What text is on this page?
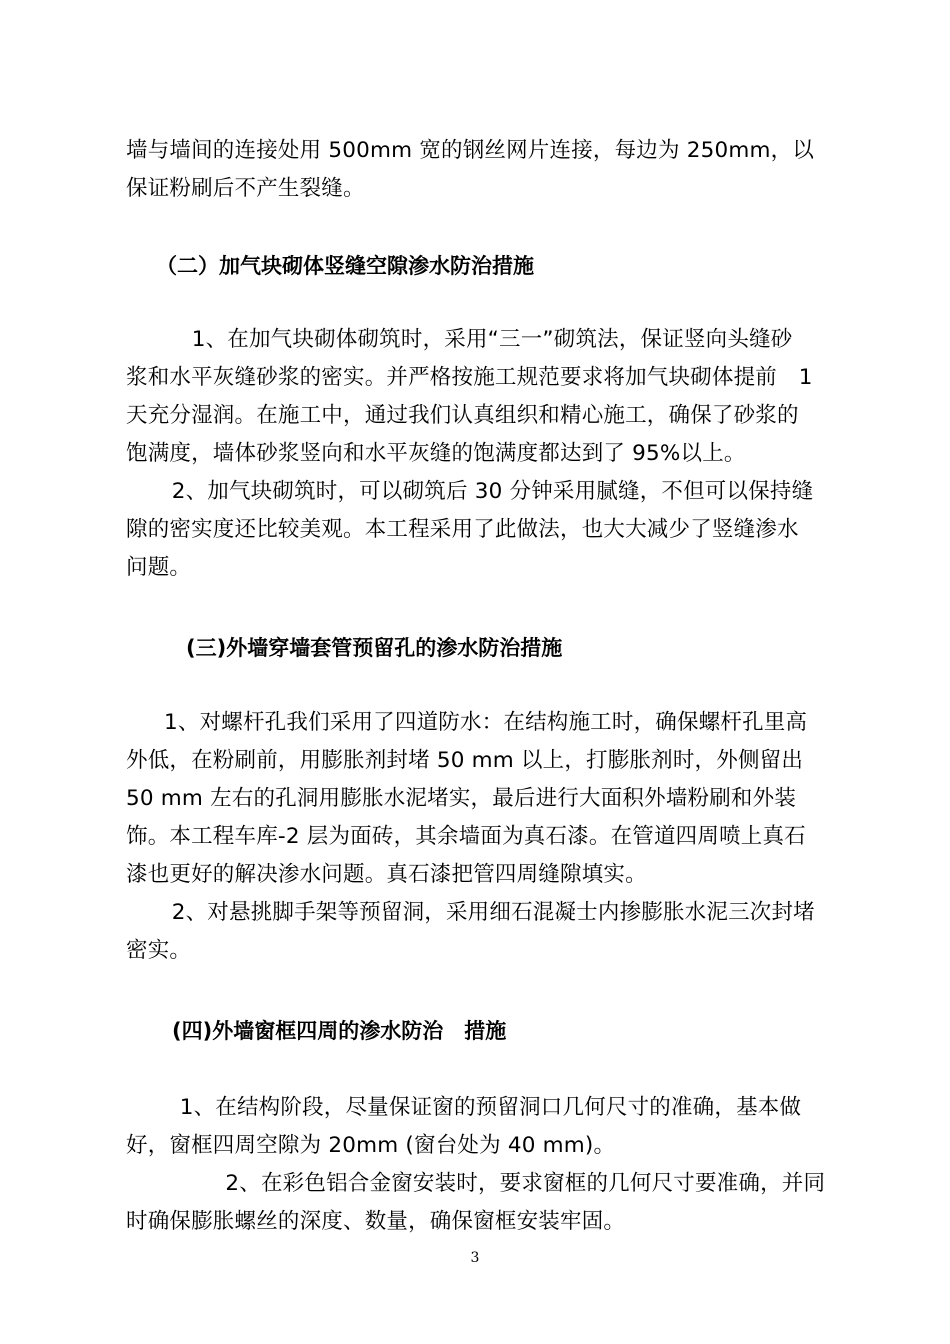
墙与墙间的连接处用 500mm 宽的钢丝网片连接，每边为 250mm，以
保证粉刷后不产生裂缝。

（二）加气块砌体竖缝空隙渗水防治措施

　1、在加气块砌体砌筑时，采用“三一”砌筑法，保证竖向头缝砂
浆和水平灰缝砂浆的密实。并严格按施工规范要求将加气块砌体提前　1
天充分湿润。在施工中，通过我们认真组织和精心施工，确保了砂浆的
饱满度，墙体砂浆竖向和水平灰缝的饱满度都达到了 95%以上。
　2、加气块砌筑时，可以砌筑后 30 分钟采用腻缝，不但可以保持缝
隙的密实度还比较美观。本工程采用了此做法，也大大减少了竖缝渗水
问题。

(三)外墙穿墙套管预留孔的渗水防治措施

1、对螺杆孔我们采用了四道防水：在结构施工时，确保螺杆孔里高
外低，在粉刷前，用膨胀剂封堵 50 mm 以上，打膨胀剂时，外侧留出
50 mm 左右的孔洞用膨胀水泥堵实，最后进行大面积外墙粉刷和外装
饰。本工程车库-2 层为面砖，其余墙面为真石漆。在管道四周喷上真石
漆也更好的解决渗水问题。真石漆把管四周缝隙填实。
　2、对悬挑脚手架等预留洞，采用细石混凝士内掺膨胀水泥三次封堵
密实。

(四)外墙窗框四周的渗水防治　措施

　1、在结构阶段，尽量保证窗的预留洞口几何尺寸的准确，基本做
好，窗框四周空隙为 20mm (窗台处为 40 mm)。
　　2、在彩色铝合金窗安装时，要求窗框的几何尺寸要准确，并同
时确保膨胀螺丝的深度、数量，确保窗框安装牢固。

3
